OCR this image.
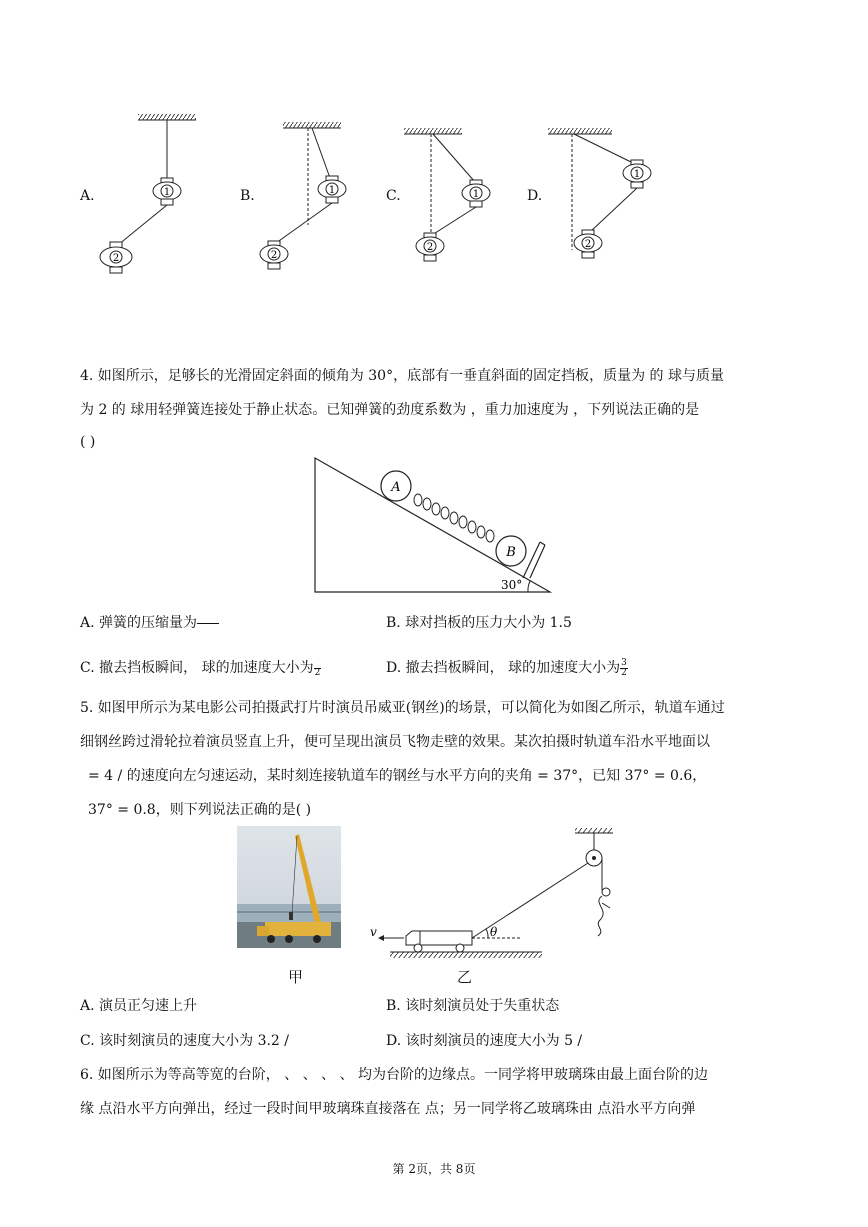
A.	B.	C.	D.
1
2
1
2
1
2
1
2
4. 如图所示，足够长的光滑固定斜面的倾角为 30°，底部有一垂直斜面的固定挡板，质量为 的 球与质量
为 2 的 球用轻弹簧连接处于静止状态。已知弹簧的劲度系数为 ，重力加速度为 ，下列说法正确的是
( )
A
B
30°
A. 弹簧的压缩量为	B. 球对挡板的压力大小为 1.5
C. 撤去挡板瞬间， 球的加速度大小为
2	D. 撤去挡板瞬间， 球的加速度大小为 $\frac{3}{2}$
5. 如图甲所示为某电影公司拍摄武打片时演员吊威亚(钢丝)的场景，可以简化为如图乙所示，轨道车通过
细钢丝跨过滑轮拉着演员竖直上升，便可呈现出演员飞物走壁的效果。某次拍摄时轨道车沿水平地面以
= 4 / 的速度向左匀速运动，某时刻连接轨道车的钢丝与水平方向的夹角 = 37°，已知 37° = 0.6，
37° = 0.8，则下列说法正确的是( )
甲
θ
v
乙
A. 演员正匀速上升	B. 该时刻演员处于失重状态
C. 该时刻演员的速度大小为 3.2 /	D. 该时刻演员的速度大小为 5 /
6. 如图所示为等高等宽的台阶， 、 、 、 、 均为台阶的边缘点。一同学将甲玻璃珠由最上面台阶的边
缘 点沿水平方向弹出，经过一段时间甲玻璃珠直接落在 点；另一同学将乙玻璃珠由 点沿水平方向弹
第 2页，共 8页
